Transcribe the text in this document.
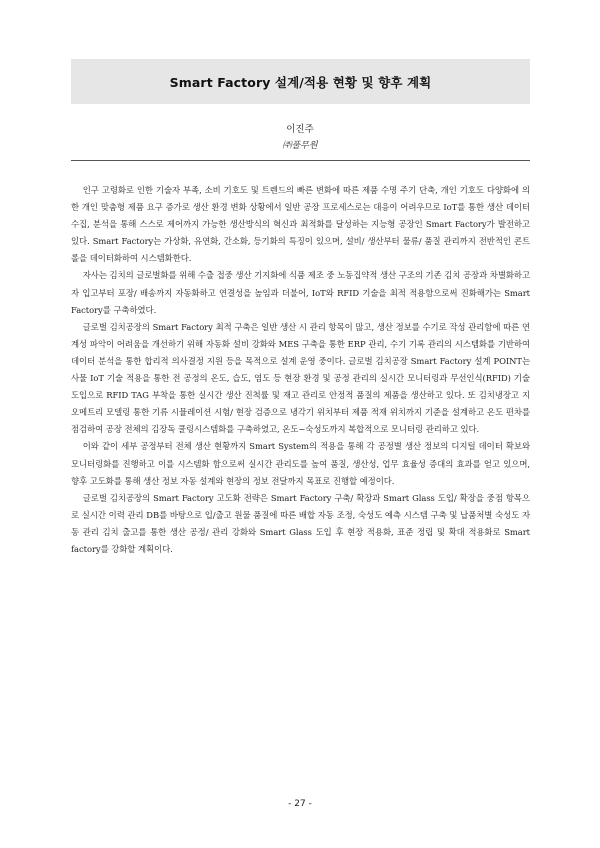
Smart Factory 설계/적용 현황 및 향후 계획
이진주
㈜풀무원

인구 고령화로 인한 기술자 부족, 소비 기호도 및 트렌드의 빠른 변화에 따른 제품 수명 주기 단축, 개인 기호도 다양화에 의한 개인 맞춤형 제품 요구 증가로 생산 환경 변화 상황에서 일반 공장 프로세스로는 대응이 어려우므로 IoT를 통한 생산 데이터 수집, 분석을 통해 스스로 제어까지 가능한 생산방식의 혁신과 최적화를 달성하는 지능형 공장인 Smart Factory가 발전하고 있다. Smart Factory는 가상화, 유연화, 간소화, 등기화의 특징이 있으며, 설비/ 생산부터 물류/ 품질 관리까지 전반적인 콘트롤을 데이터화하여 시스템화한다.

자사는 김치의 글로벌화를 위해 수출 접중 생산 기지화에 식품 제조 중 노동집약적 생산 구조의 기존 김치 공장과 차별화하고자 입고부터 포장/ 배송까지 자동화하고 연결성을 높임과 더불어, IoT와 RFID 기술을 최적 적용함으로써 진화해가는 Smart Factory를 구축하였다.

글로벌 김치공장의 Smart Factory 최적 구축은 일반 생산 시 관리 항목이 많고, 생산 정보를 수기로 작성 관리함에 따른 연계성 파악이 어려움을 개선하기 위해 자동화 설비 강화와 MES 구축을 통한 ERP 관리, 수기 기록 관리의 시스템화를 기반하여 데이터 분석을 통한 합리적 의사결정 지원 등을 목적으로 설계 운영 중이다. 글로벌 김치공장 Smart Factory 설계 POINT는 사물 IoT 기술 적용을 통한 전 공정의 온도, 습도, 염도 등 현장 환경 및 공정 관리의 실시간 모니터링과 무선인식(RFID) 기술 도입으로 RFID TAG 부착을 통한 실시간 생산 진척률 및 재고 관리로 안정적 품질의 제품을 생산하고 있다. 또 김치냉장고 지오메트리 모델링 통한 기류 시뮬레이션 시험/ 현장 검증으로 냉각기 위치부터 제품 적재 위치까지 기준을 설계하고 온도 편차를 점검하여 공장 전체의 김장독 쿨링시스템화를 구축하였고, 온도~숙성도까지 복합적으로 모니터링 관리하고 있다.

이와 같이 세부 공정부터 전체 생산 현황까지 Smart System의 적용을 통해 각 공정별 생산 정보의 디지털 데이터 확보와 모니터링화를 진행하고 이를 시스템화 함으로써 실시간 관리도를 높여 품질, 생산성, 업무 효율성 증대의 효과를 얻고 있으며, 향후 고도화를 통해 생산 정보 자동 설계와 현장의 정보 전달까지 목표로 진행할 예정이다.

글로벌 김치공장의 Smart Factory 고도화 전략은 Smart Factory 구축/ 확장과 Smart Glass 도입/ 확장을 중점 항목으로 실시간 이력 관리 DB를 바탕으로 입/출고 원물 품질에 따른 배합 자동 조정, 숙성도 예측 시스템 구축 및 납품처별 숙성도 자동 관리 김치 출고를 통한 생산 공정/ 관리 강화와 Smart Glass 도입 후 현장 적용화, 표준 정립 및 확대 적용화로 Smart factory를 강화할 계획이다.

- 27 -
